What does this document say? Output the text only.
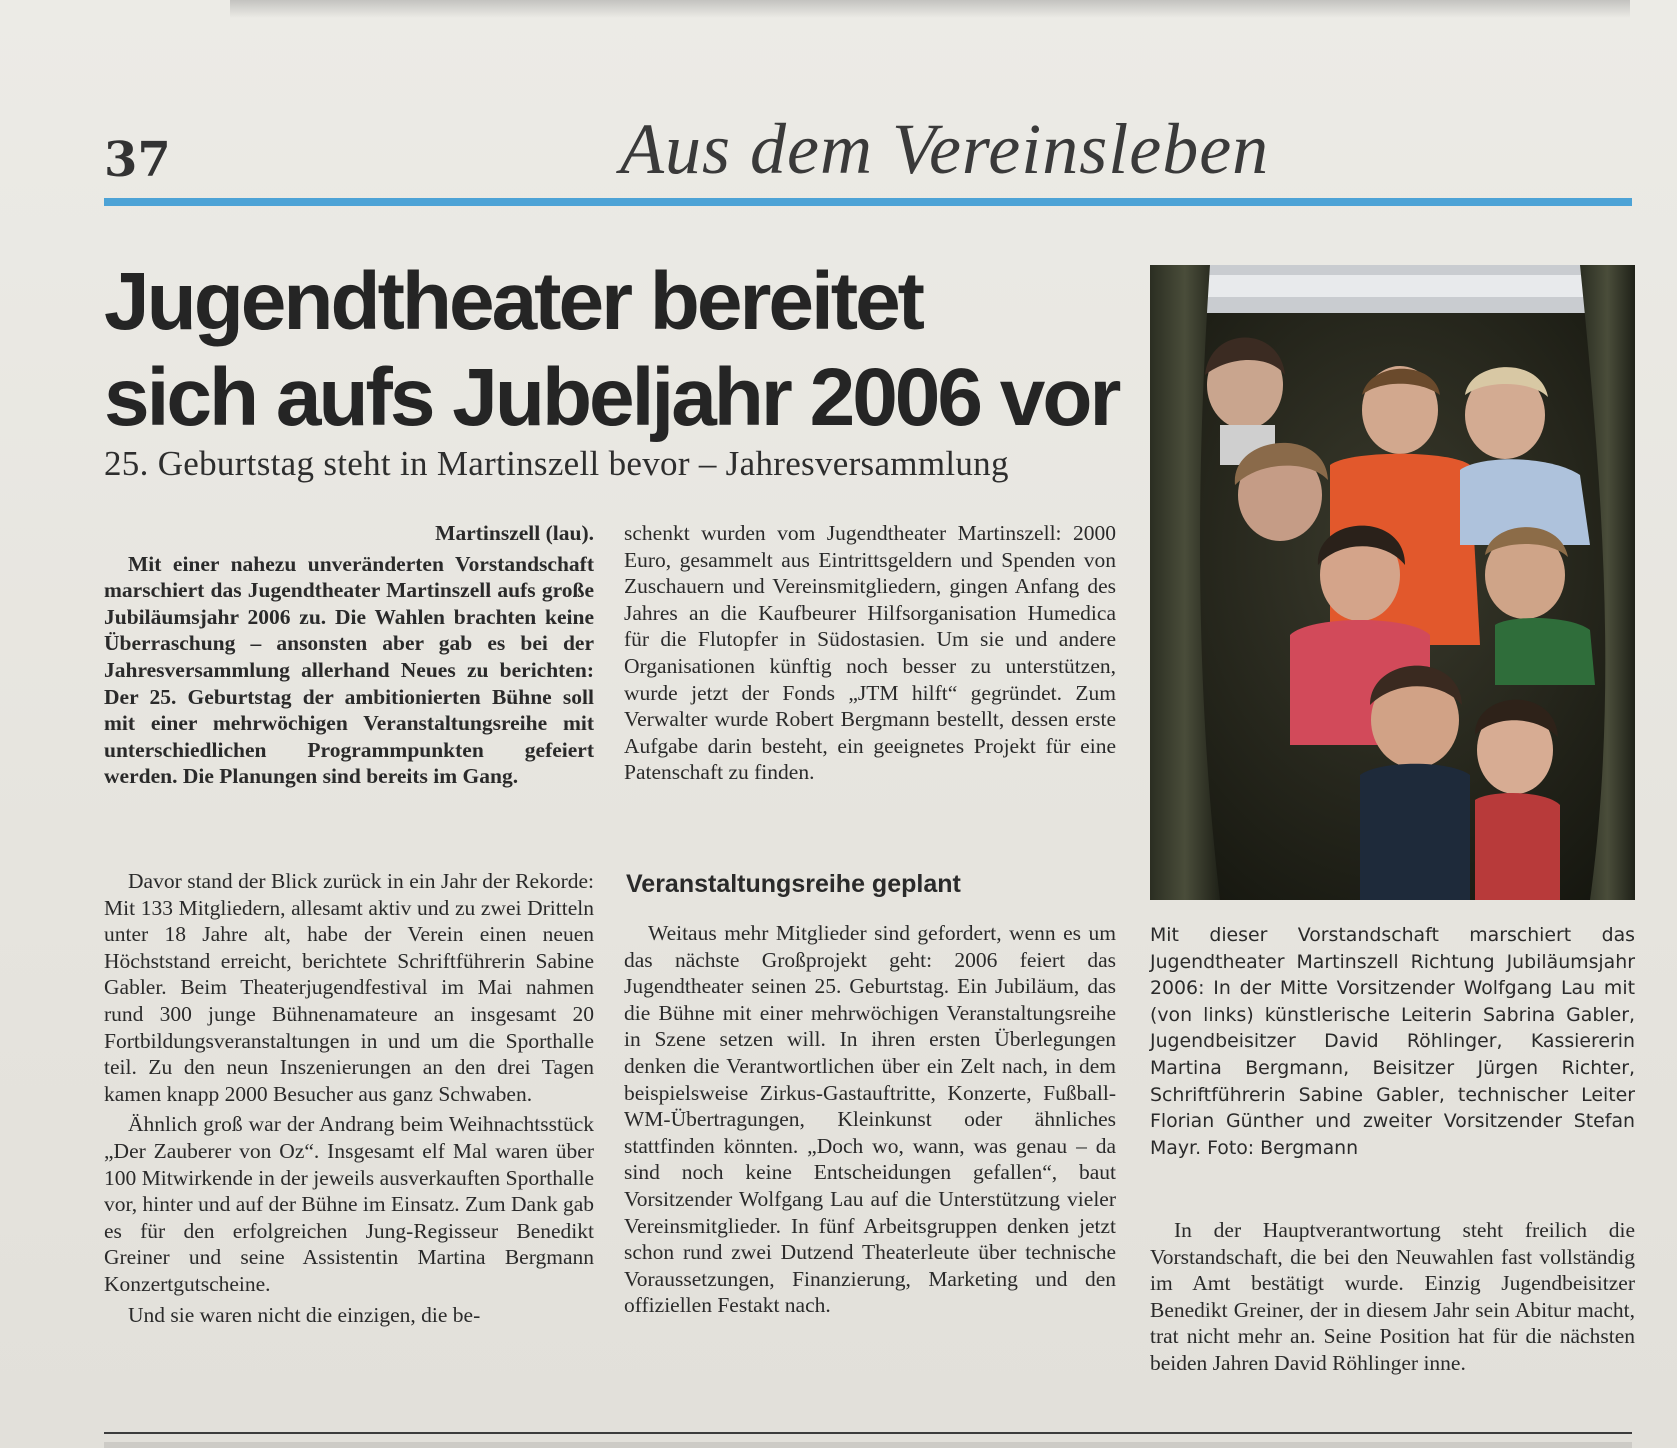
37	Aus dem Vereinsleben
Jugendtheater bereitet
sich aufs Jubeljahr 2006 vor
25. Geburtstag steht in Martinszell bevor – Jahresversammlung

Martinszell (lau).

Mit einer nahezu unveränderten Vorstandschaft marschiert das Jugendtheater Martinszell aufs große Jubiläumsjahr 2006 zu. Die Wahlen brachten keine Überraschung – ansonsten aber gab es bei der Jahresversammlung allerhand Neues zu berichten: Der 25. Geburtstag der ambitionierten Bühne soll mit einer mehrwöchigen Veranstaltungsreihe mit unterschiedlichen Programmpunkten gefeiert werden. Die Planungen sind bereits im Gang.

Davor stand der Blick zurück in ein Jahr der Rekorde: Mit 133 Mitgliedern, allesamt aktiv und zu zwei Dritteln unter 18 Jahre alt, habe der Verein einen neuen Höchststand erreicht, berichtete Schriftführerin Sabine Gabler. Beim Theaterjugendfestival im Mai nahmen rund 300 junge Bühnenamateure an insgesamt 20 Fortbildungsveranstaltungen in und um die Sporthalle teil. Zu den neun Inszenierungen an den drei Tagen kamen knapp 2000 Besucher aus ganz Schwaben.

Ähnlich groß war der Andrang beim Weihnachtsstück „Der Zauberer von Oz“. Insgesamt elf Mal waren über 100 Mitwirkende in der jeweils ausverkauften Sporthalle vor, hinter und auf der Bühne im Einsatz. Zum Dank gab es für den erfolgreichen Jung-Regisseur Benedikt Greiner und seine Assistentin Martina Bergmann Konzertgutscheine.

Und sie waren nicht die einzigen, die be-

schenkt wurden vom Jugendtheater Martinszell: 2000 Euro, gesammelt aus Eintrittsgeldern und Spenden von Zuschauern und Vereinsmitgliedern, gingen Anfang des Jahres an die Kaufbeurer Hilfsorganisation Humedica für die Flutopfer in Südostasien. Um sie und andere Organisationen künftig noch besser zu unterstützen, wurde jetzt der Fonds „JTM hilft“ gegründet. Zum Verwalter wurde Robert Bergmann bestellt, dessen erste Aufgabe darin besteht, ein geeignetes Projekt für eine Patenschaft zu finden.

Veranstaltungsreihe geplant

Weitaus mehr Mitglieder sind gefordert, wenn es um das nächste Großprojekt geht: 2006 feiert das Jugendtheater seinen 25. Geburtstag. Ein Jubiläum, das die Bühne mit einer mehrwöchigen Veranstaltungsreihe in Szene setzen will. In ihren ersten Überlegungen denken die Verantwortlichen über ein Zelt nach, in dem beispielsweise Zirkus-Gastauftritte, Konzerte, Fußball-WM-Übertragungen, Kleinkunst oder ähnliches stattfinden könnten. „Doch wo, wann, was genau – da sind noch keine Entscheidungen gefallen“, baut Vorsitzender Wolfgang Lau auf die Unterstützung vieler Vereinsmitglieder. In fünf Arbeitsgruppen denken jetzt schon rund zwei Dutzend Theaterleute über technische Voraussetzungen, Finanzierung, Marketing und den offiziellen Festakt nach.

Mit dieser Vorstandschaft marschiert das Jugendtheater Martinszell Richtung Jubiläumsjahr 2006: In der Mitte Vorsitzender Wolfgang Lau mit (von links) künstlerische Leiterin Sabrina Gabler, Jugendbeisitzer David Röhlinger, Kassiererin Martina Bergmann, Beisitzer Jürgen Richter, Schriftführerin Sabine Gabler, technischer Leiter Florian Günther und zweiter Vorsitzender Stefan Mayr. Foto: Bergmann

In der Hauptverantwortung steht freilich die Vorstandschaft, die bei den Neuwahlen fast vollständig im Amt bestätigt wurde. Einzig Jugendbeisitzer Benedikt Greiner, der in diesem Jahr sein Abitur macht, trat nicht mehr an. Seine Position hat für die nächsten beiden Jahren David Röhlinger inne.
